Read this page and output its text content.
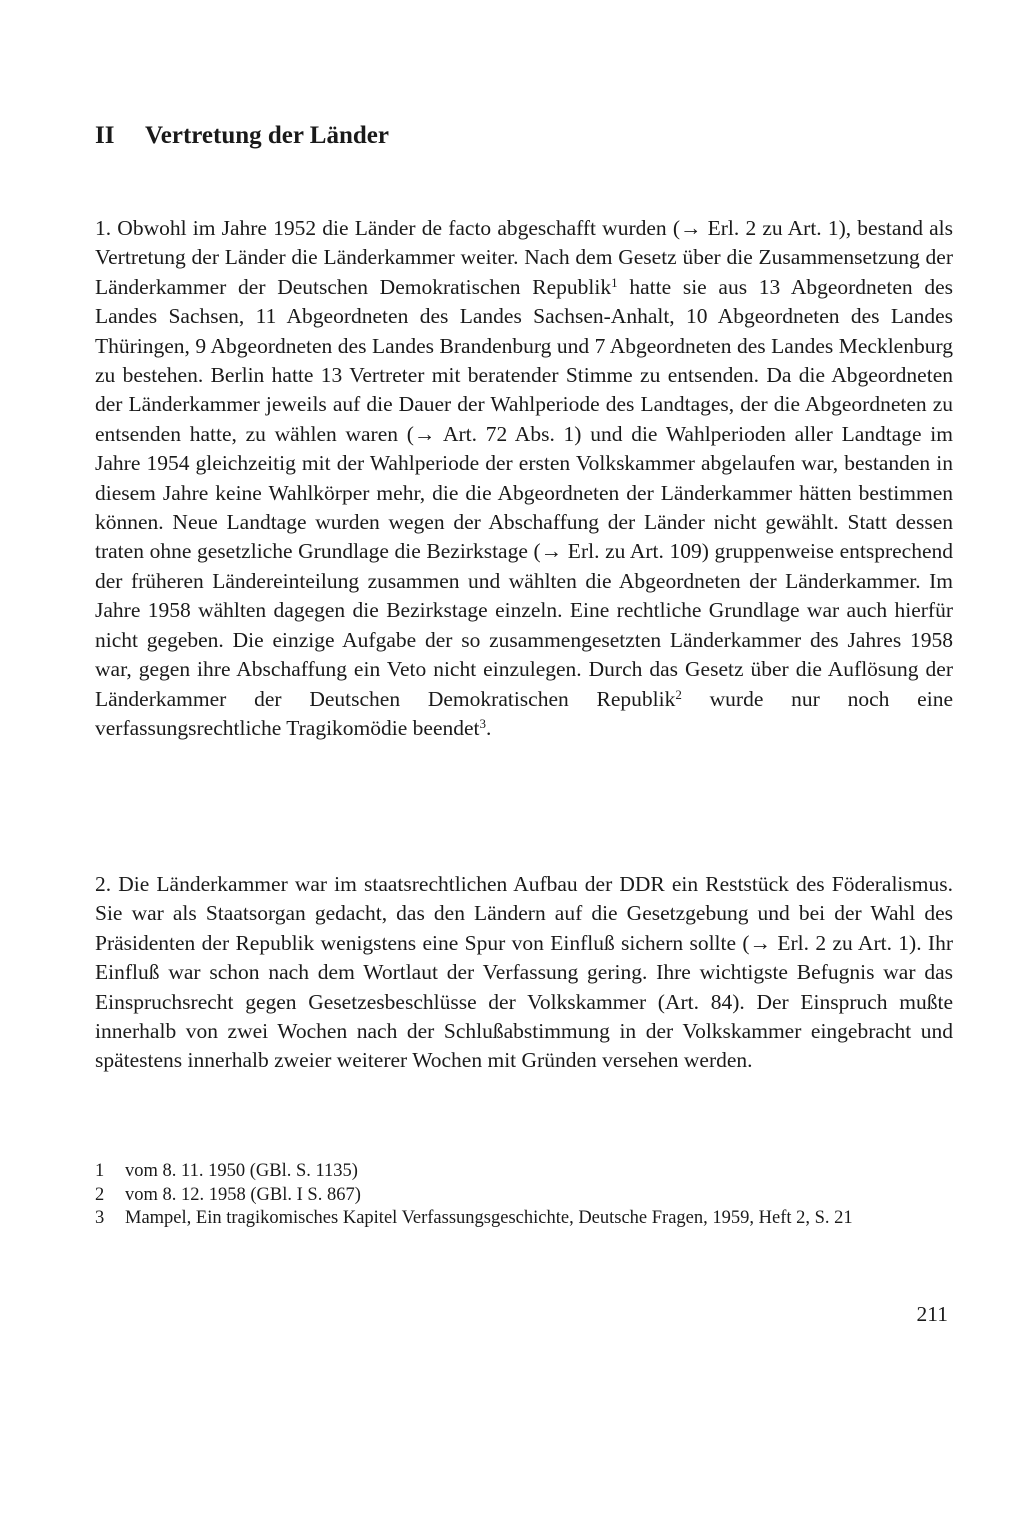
II Vertretung der Länder
1. Obwohl im Jahre 1952 die Länder de facto abgeschafft wurden (→ Erl. 2 zu Art. 1), bestand als Vertretung der Länder die Länderkammer weiter. Nach dem Gesetz über die Zusammensetzung der Länderkammer der Deutschen Demokratischen Republik$^1$ hatte sie aus 13 Abgeordneten des Landes Sachsen, 11 Abgeordneten des Landes Sachsen-Anhalt, 10 Abgeordneten des Landes Thüringen, 9 Abgeordneten des Landes Brandenburg und 7 Abgeordneten des Landes Mecklenburg zu bestehen. Berlin hatte 13 Vertreter mit beratender Stimme zu entsenden. Da die Abgeordneten der Länderkammer jeweils auf die Dauer der Wahlperiode des Landtages, der die Abgeordneten zu entsenden hatte, zu wählen waren (→ Art. 72 Abs. 1) und die Wahlperioden aller Landtage im Jahre 1954 gleichzeitig mit der Wahlperiode der ersten Volkskammer abgelaufen war, bestanden in diesem Jahre keine Wahlkörper mehr, die die Abgeordneten der Länderkammer hätten bestimmen können. Neue Landtage wurden wegen der Abschaffung der Länder nicht gewählt. Statt dessen traten ohne gesetzliche Grundlage die Bezirkstage (→ Erl. zu Art. 109) gruppenweise entsprechend der früheren Ländereinteilung zusammen und wählten die Abgeordneten der Länderkammer. Im Jahre 1958 wählten dagegen die Bezirkstage einzeln. Eine rechtliche Grundlage war auch hierfür nicht gegeben. Die einzige Aufgabe der so zusammengesetzten Länderkammer des Jahres 1958 war, gegen ihre Abschaffung ein Veto nicht einzulegen. Durch das Gesetz über die Auflösung der Länderkammer der Deutschen Demokratischen Republik$^2$ wurde nur noch eine verfassungsrechtliche Tragikomödie beendet$^3$.
2. Die Länderkammer war im staatsrechtlichen Aufbau der DDR ein Reststück des Föderalismus. Sie war als Staatsorgan gedacht, das den Ländern auf die Gesetzgebung und bei der Wahl des Präsidenten der Republik wenigstens eine Spur von Einfluß sichern sollte (→ Erl. 2 zu Art. 1). Ihr Einfluß war schon nach dem Wortlaut der Verfassung gering. Ihre wichtigste Befugnis war das Einspruchsrecht gegen Gesetzesbeschlüsse der Volkskammer (Art. 84). Der Einspruch mußte innerhalb von zwei Wochen nach der Schlußabstimmung in der Volkskammer eingebracht und spätestens innerhalb zweier weiterer Wochen mit Gründen versehen werden.
1	vom 8. 11. 1950 (GBl. S. 1135)
2	vom 8. 12. 1958 (GBl. I S. 867)
3	Mampel, Ein tragikomisches Kapitel Verfassungsgeschichte, Deutsche Fragen, 1959, Heft 2, S. 21
211
